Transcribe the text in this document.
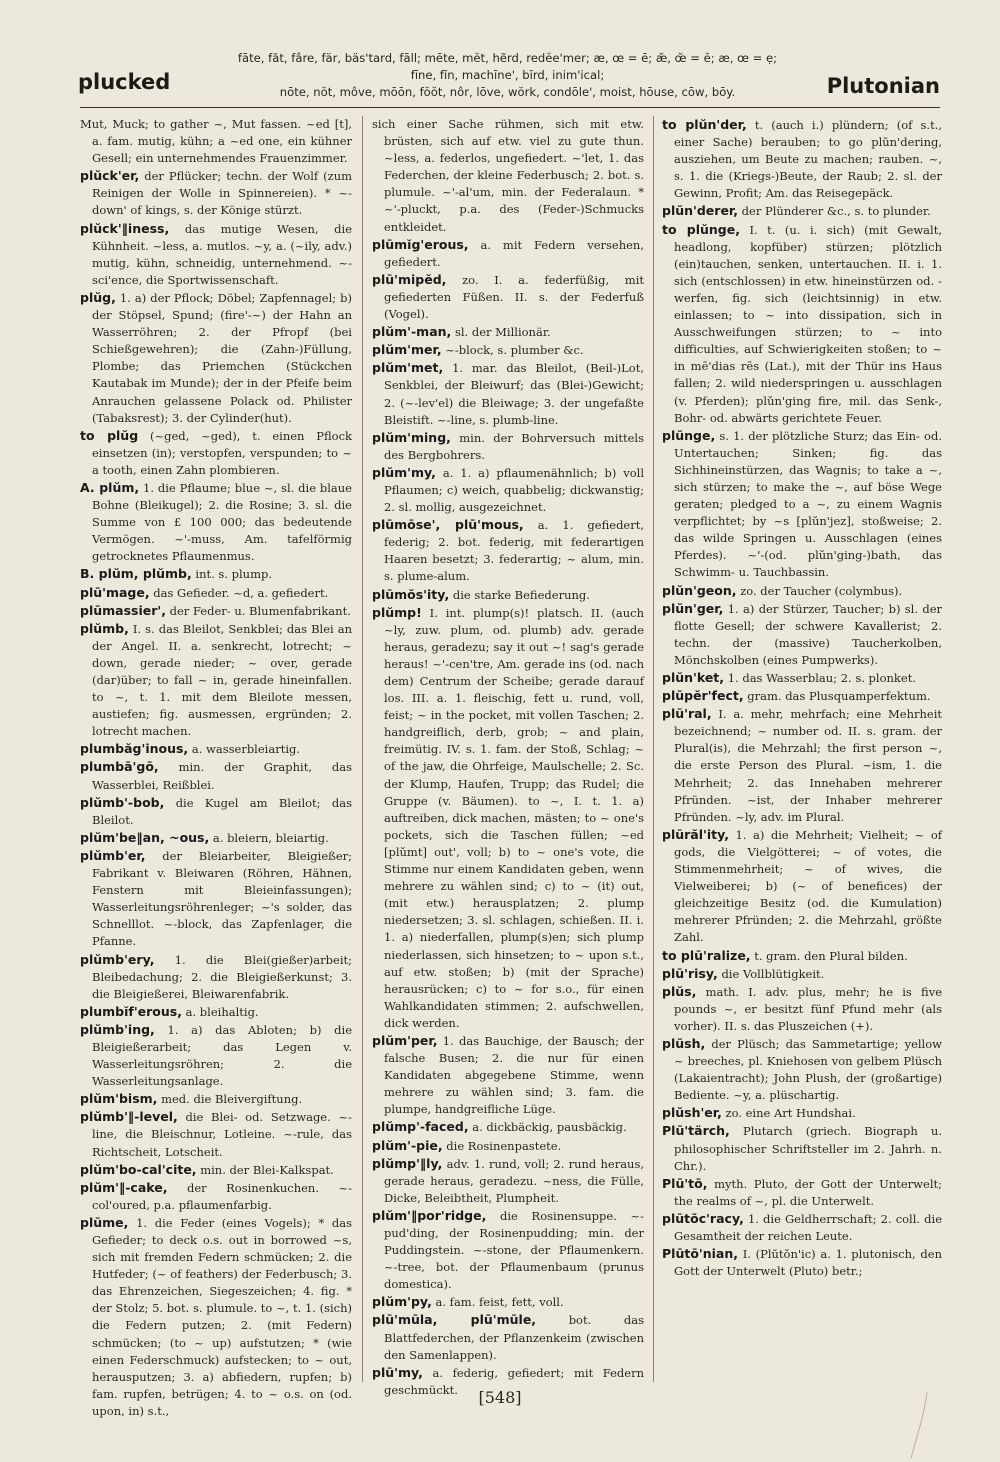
plucked
fāte, făt, fâre, fär, bäs'tard, fāll; mēte, mĕt, hẽrd, redĕe'mer; æ, œ = ē; æ̆, œ̆ = ĕ; æ, œ = ẹ;
fīne, fĭn, machīne', bĭrd, inim'ical;
nōte, nŏt, môve, mōōn, fŏŏt, nôr, lōve, wŏrk, condōle', moist, hōuse, cōw, bōy.	Plutonian

Mut, Muck; to gather ~, Mut fassen. ~ed [t], a. fam. mutig, kühn; a ~ed one, ein kühner Gesell; ein unternehmendes Frauenzimmer.

plŭck'er, der Pflücker; techn. der Wolf (zum Reinigen der Wolle in Spinnereien). * ~-down' of kings, s. der Könige stürzt.

plŭck'‖iness, das mutige Wesen, die Kühnheit. ~less, a. mutlos. ~y, a. (~ily, adv.) mutig, kühn, schneidig, unternehmend. ~-sci'ence, die Sportwissenschaft.

plŭg, 1. a) der Pflock; Döbel; Zapfennagel; b) der Stöpsel, Spund; (fire'-~) der Hahn an Wasserröhren; 2. der Pfropf (bei Schießgewehren); die (Zahn-)Füllung, Plombe; das Priemchen (Stückchen Kautabak im Munde); der in der Pfeife beim Anrauchen gelassene Polack od. Philister (Tabaksrest); 3. der Cylinder(hut).

to plŭg (~ged, ~ged), t. einen Pflock einsetzen (in); verstopfen, verspunden; to ~ a tooth, einen Zahn plombieren.

A. plŭm, 1. die Pflaume; blue ~, sl. die blaue Bohne (Bleikugel); 2. die Rosine; 3. sl. die Summe von £ 100 000; das bedeutende Vermögen. ~'-muss, Am. tafelförmig getrocknetes Pflaumenmus.

B. plŭm, plŭmb, int. s. plump.

plū'mage, das Gefieder. ~d, a. gefiedert.

plūmassier', der Feder- u. Blumenfabrikant.

plŭmb, I. s. das Bleilot, Senkblei; das Blei an der Angel. II. a. senkrecht, lotrecht; ~ down, gerade nieder; ~ over, gerade (dar)über; to fall ~ in, gerade hineinfallen. to ~, t. 1. mit dem Bleilote messen, austiefen; fig. ausmessen, ergründen; 2. lotrecht machen.

plumbăg'inous, a. wasserbleiartig.

plumbā'gō, min. der Graphit, das Wasserblei, Reißblei.

plŭmb'-bob, die Kugel am Bleilot; das Bleilot.

plŭm'be‖an, ~ous, a. bleiern, bleiartig.

plŭmb'er, der Bleiarbeiter, Bleigießer; Fabrikant v. Bleiwaren (Röhren, Hähnen, Fenstern mit Bleieinfassungen); Wasserleitungsröhrenleger; ~'s solder, das Schnelllot. ~-block, das Zapfenlager, die Pfanne.

plŭmb'ery, 1. die Blei(gießer)arbeit; Bleibedachung; 2. die Bleigießerkunst; 3. die Bleigießerei, Bleiwarenfabrik.

plumbĭf'erous, a. bleihaltig.

plŭmb'ing, 1. a) das Abloten; b) die Bleigießerarbeit; das Legen v. Wasserleitungsröhren; 2. die Wasserleitungsanlage.

plŭm'bism, med. die Bleivergiftung.

plŭmb'‖-level, die Blei- od. Setzwage. ~-line, die Bleischnur, Lotleine. ~-rule, das Richtscheit, Lotscheit.

plŭm'bo-cal'cite, min. der Blei-Kalkspat.

plŭm'‖-cake, der Rosinenkuchen. ~-col'oured, p.a. pflaumenfarbig.

plūme, 1. die Feder (eines Vogels); * das Gefieder; to deck o.s. out in borrowed ~s, sich mit fremden Federn schmücken; 2. die Hutfeder; (~ of feathers) der Federbusch; 3. das Ehrenzeichen, Siegeszeichen; 4. fig. * der Stolz; 5. bot. s. plumule. to ~, t. 1. (sich) die Federn putzen; 2. (mit Federn) schmücken; (to ~ up) aufstutzen; * (wie einen Federschmuck) aufstecken; to ~ out, herausputzen; 3. a) abfiedern, rupfen; b) fam. rupfen, betrügen; 4. to ~ o.s. on (od. upon, in) s.t.,

sich einer Sache rühmen, sich mit etw. brüsten, sich auf etw. viel zu gute thun. ~less, a. federlos, ungefiedert. ~'let, 1. das Federchen, der kleine Federbusch; 2. bot. s. plumule. ~'-al'um, min. der Federalaun. * ~'-pluckt, p.a. des (Feder-)Schmucks entkleidet.

plūmĭg'erous, a. mit Federn versehen, gefiedert.

plū'mipĕd, zo. I. a. federfüßig, mit gefiederten Füßen. II. s. der Federfuß (Vogel).

plŭm'-man, sl. der Millionär.

plŭm'mer, ~-block, s. plumber &c.

plŭm'met, 1. mar. das Bleilot, (Beil-)Lot, Senkblei, der Bleiwurf; das (Blei-)Gewicht; 2. (~-lev'el) die Bleiwage; 3. der ungefaßte Bleistift. ~-line, s. plumb-line.

plŭm'ming, min. der Bohrversuch mittels des Bergbohrers.

plŭm'my, a. 1. a) pflaumenähnlich; b) voll Pflaumen; c) weich, quabbelig; dickwanstig; 2. sl. mollig, ausgezeichnet.

plūmōse', plū'mous, a. 1. gefiedert, federig; 2. bot. federig, mit federartigen Haaren besetzt; 3. federartig; ~ alum, min. s. plume-alum.

plūmŏs'ity, die starke Befiederung.

plŭmp! I. int. plump(s)! platsch. II. (auch ~ly, zuw. plum, od. plumb) adv. gerade heraus, geradezu; say it out ~! sag's gerade heraus! ~'-cen'tre, Am. gerade ins (od. nach dem) Centrum der Scheibe; gerade darauf los. III. a. 1. fleischig, fett u. rund, voll, feist; ~ in the pocket, mit vollen Taschen; 2. handgreiflich, derb, grob; ~ and plain, freimütig. IV. s. 1. fam. der Stoß, Schlag; ~ of the jaw, die Ohrfeige, Maulschelle; 2. Sc. der Klump, Haufen, Trupp; das Rudel; die Gruppe (v. Bäumen). to ~, I. t. 1. a) auftreiben, dick machen, mästen; to ~ one's pockets, sich die Taschen füllen; ~ed [plŭmt] out', voll; b) to ~ one's vote, die Stimme nur einem Kandidaten geben, wenn mehrere zu wählen sind; c) to ~ (it) out, (mit etw.) herausplatzen; 2. plump niedersetzen; 3. sl. schlagen, schießen. II. i. 1. a) niederfallen, plump(s)en; sich plump niederlassen, sich hinsetzen; to ~ upon s.t., auf etw. stoßen; b) (mit der Sprache) herausrücken; c) to ~ for s.o., für einen Wahlkandidaten stimmen; 2. aufschwellen, dick werden.

plŭm'per, 1. das Bauchige, der Bausch; der falsche Busen; 2. die nur für einen Kandidaten abgegebene Stimme, wenn mehrere zu wählen sind; 3. fam. die plumpe, handgreifliche Lüge.

plŭmp'-faced, a. dickbäckig, pausbäckig.

plŭm'-pie, die Rosinenpastete.

plŭmp'‖ly, adv. 1. rund, voll; 2. rund heraus, gerade heraus, geradezu. ~ness, die Fülle, Dicke, Beleibtheit, Plumpheit.

plŭm'‖por'ridge, die Rosinensuppe. ~-pud'ding, der Rosinenpudding; min. der Puddingstein. ~-stone, der Pflaumenkern. ~-tree, bot. der Pflaumenbaum (prunus domestica).

plŭm'py, a. fam. feist, fett, voll.

plū'mūla, plū'mūle,	bot. das Blattfederchen, der Pflanzenkeim (zwischen den Samenlappen).

plū'my, a. federig, gefiedert; mit Federn geschmückt.

to plŭn'der, t. (auch i.) plündern; (of s.t., einer Sache) berauben; to go plŭn'dering, ausziehen, um Beute zu machen; rauben. ~, s. 1. die (Kriegs-)Beute, der Raub; 2. sl. der Gewinn, Profit; Am. das Reisegepäck.

plŭn'derer, der Plünderer &c., s. to plunder.

to plŭnge, I. t. (u. i. sich) (mit Gewalt, headlong, kopfüber) stürzen; plötzlich (ein)tauchen, senken, untertauchen. II. i. 1. sich (entschlossen) in etw. hineinstürzen od. -werfen, fig. sich (leichtsinnig) in etw. einlassen; to ~ into dissipation, sich in Ausschweifungen stürzen; to ~ into difficulties, auf Schwierigkeiten stoßen; to ~ in mē'dias rēs (Lat.), mit der Thür ins Haus fallen; 2. wild niederspringen u. ausschlagen (v. Pferden); plŭn'ging fire, mil. das Senk-, Bohr- od. abwärts gerichtete Feuer.

plŭnge, s. 1. der plötzliche Sturz; das Ein- od. Untertauchen; Sinken; fig. das Sichhineinstürzen, das Wagnis; to take a ~, sich stürzen; to make the ~, auf böse Wege geraten; pledged to a ~, zu einem Wagnis verpflichtet; by ~s [plŭn'jez], stoßweise; 2. das wilde Springen u. Ausschlagen (eines Pferdes). ~'-(od. plŭn'ging-)bath, das Schwimm- u. Tauchbassin.

plŭn'geon, zo. der Taucher (colymbus).

plŭn'ger, 1. a) der Stürzer, Taucher; b) sl. der flotte Gesell; der schwere Kavallerist; 2. techn. der (massive) Taucherkolben, Mönchskolben (eines Pumpwerks).

plŭn'ket, 1. das Wasserblau; 2. s. plonket.

plūpĕr'fect, gram. das Plusquamperfektum.

plū'ral, I. a. mehr, mehrfach; eine Mehrheit bezeichnend; ~ number od. II. s. gram. der Plural(is), die Mehrzahl; the first person ~, die erste Person des Plural. ~ism, 1. die Mehrheit; 2. das Innehaben mehrerer Pfründen. ~ist, der Inhaber mehrerer Pfründen. ~ly, adv. im Plural.

plūrăl'ity, 1. a) die Mehrheit; Vielheit; ~ of gods, die Vielgötterei; ~ of votes, die Stimmenmehrheit; ~ of wives, die Vielweiberei; b) (~ of benefices) der gleichzeitige Besitz (od. die Kumulation) mehrerer Pfründen; 2. die Mehrzahl, größte Zahl.

to plū'ralize, t. gram. den Plural bilden.

plū'risy, die Vollblütigkeit.

plŭs, math. I. adv. plus, mehr; he is five pounds ~, er besitzt fünf Pfund mehr (als vorher). II. s. das Pluszeichen (+).

plŭsh, der Plüsch; das Sammetartige; yellow ~ breeches, pl. Kniehosen von gelbem Plüsch (Lakaientracht); John Plush, der (großartige) Bediente. ~y, a. plüschartig.

plŭsh'er, zo. eine Art Hundshai.

Plū'tärch, Plutarch (griech. Biograph u. philosophischer Schriftsteller im 2. Jahrh. n. Chr.).

Plū'tō, myth. Pluto, der Gott der Unterwelt; the realms of ~, pl. die Unterwelt.

plūtŏc'racy, 1. die Geldherrschaft; 2. coll. die Gesamtheit der reichen Leute.

Plūtō'nian, I. (Plŭtŏn'ic) a. 1. plutonisch, den Gott der Unterwelt (Pluto) betr.;

[548]
